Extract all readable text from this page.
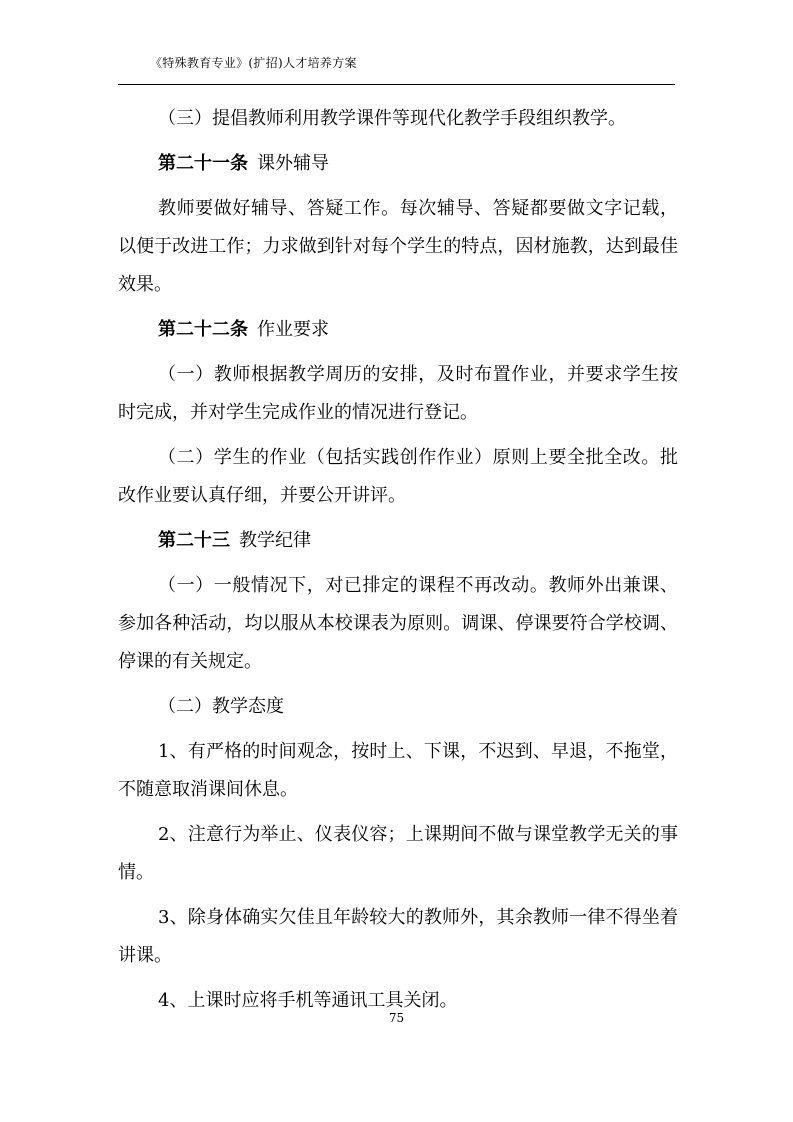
《特殊教育专业》(扩招)人才培养方案

（三）提倡教师利用教学课件等现代化教学手段组织教学。

第二十一条 课外辅导

教师要做好辅导、答疑工作。每次辅导、答疑都要做文字记载，以便于改进工作；力求做到针对每个学生的特点，因材施教，达到最佳效果。

第二十二条 作业要求

（一）教师根据教学周历的安排，及时布置作业，并要求学生按时完成，并对学生完成作业的情况进行登记。

（二）学生的作业（包括实践创作作业）原则上要全批全改。批改作业要认真仔细，并要公开讲评。

第二十三 教学纪律

（一）一般情况下，对已排定的课程不再改动。教师外出兼课、参加各种活动，均以服从本校课表为原则。调课、停课要符合学校调、停课的有关规定。

（二）教学态度

1、有严格的时间观念，按时上、下课，不迟到、早退，不拖堂，不随意取消课间休息。

2、注意行为举止、仪表仪容；上课期间不做与课堂教学无关的事情。

3、除身体确实欠佳且年龄较大的教师外，其余教师一律不得坐着讲课。

4、上课时应将手机等通讯工具关闭。

75
